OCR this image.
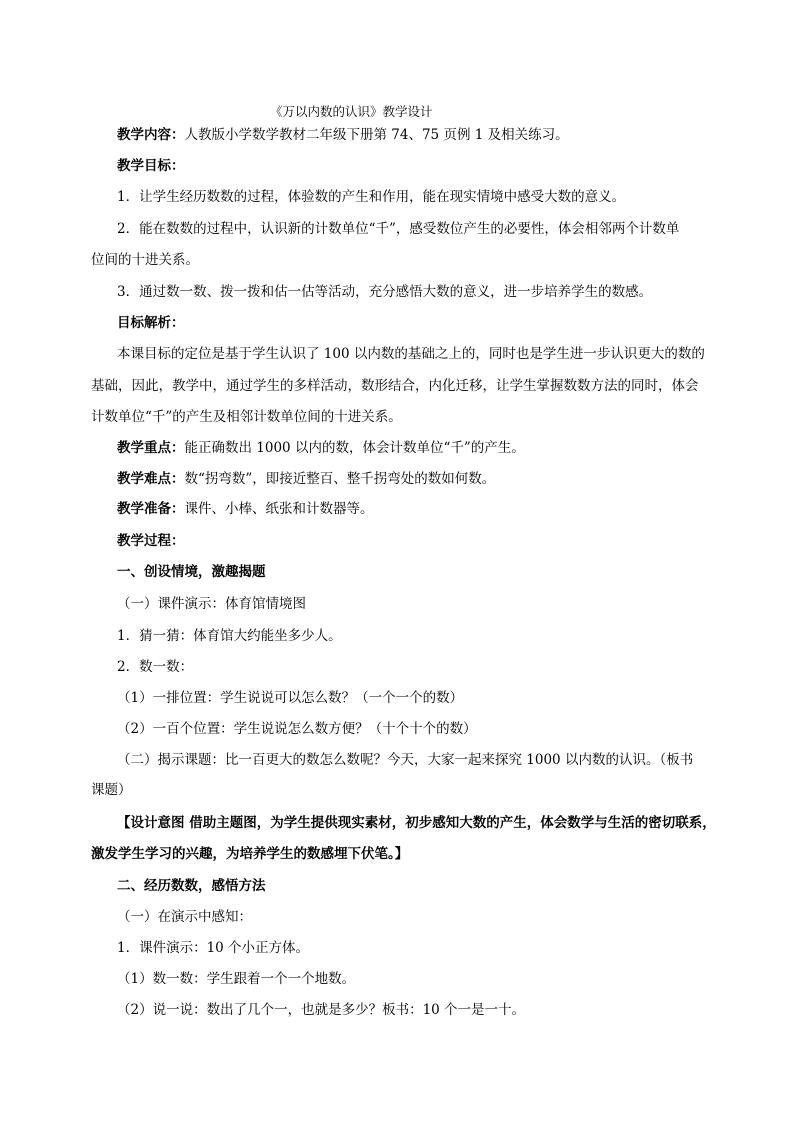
《万以内数的认识》教学设计
教学内容：人教版小学数学教材二年级下册第 74、75 页例 1 及相关练习。
教学目标：
1．让学生经历数数的过程，体验数的产生和作用，能在现实情境中感受大数的意义。
2．能在数数的过程中，认识新的计数单位“千”，感受数位产生的必要性，体会相邻两个计数单
位间的十进关系。
3．通过数一数、拨一拨和估一估等活动，充分感悟大数的意义，进一步培养学生的数感。
目标解析：
本课目标的定位是基于学生认识了 100 以内数的基础之上的，同时也是学生进一步认识更大的数的
基础，因此，教学中，通过学生的多样活动，数形结合，内化迁移，让学生掌握数数方法的同时，体会
计数单位“千”的产生及相邻计数单位间的十进关系。
教学重点：能正确数出 1000 以内的数，体会计数单位“千”的产生。
教学难点：数“拐弯数”，即接近整百、整千拐弯处的数如何数。
教学准备：课件、小棒、纸张和计数器等。
教学过程：
一、创设情境，激趣揭题
（一）课件演示：体育馆情境图
1．猜一猜：体育馆大约能坐多少人。
2．数一数：
（1）一排位置：学生说说可以怎么数？（一个一个的数）
（2）一百个位置：学生说说怎么数方便？（十个十个的数）
（二）揭示课题：比一百更大的数怎么数呢？今天，大家一起来探究 1000 以内数的认识。（板书
课题）
【设计意图 借助主题图，为学生提供现实素材，初步感知大数的产生，体会数学与生活的密切联系，
激发学生学习的兴趣，为培养学生的数感埋下伏笔。】
二、经历数数，感悟方法
（一）在演示中感知：
1．课件演示：10 个小正方体。
（1）数一数：学生跟着一个一个地数。
（2）说一说：数出了几个一，也就是多少？板书：10 个一是一十。
